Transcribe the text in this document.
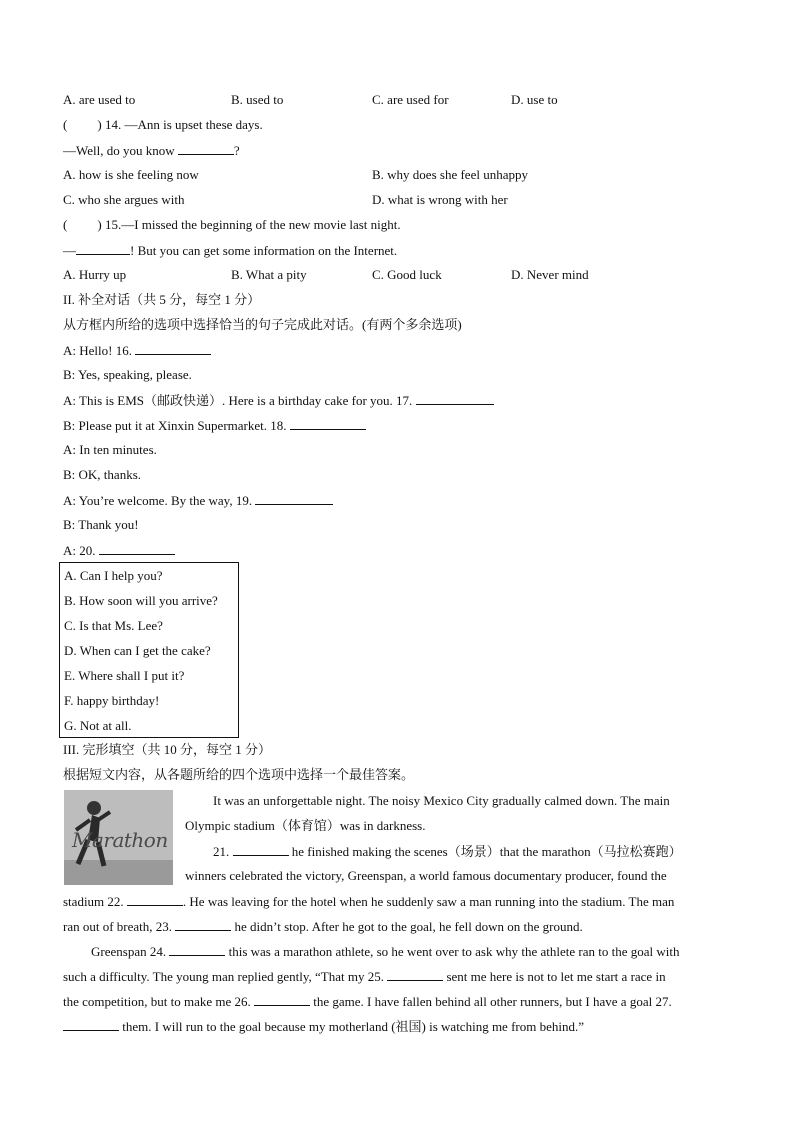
A. are used to	B. used to	C. are used for	D. use to
( ) 14. —Ann is upset these days.
—Well, do you know	?
A. how is she feeling now	B. why does she feel unhappy
C. who she argues with	D. what is wrong with her
( ) 15.—I missed the beginning of the new movie last night.
—	! But you can get some information on the Internet.
A. Hurry up	B. What a pity	C. Good luck	D. Never mind
II. 补全对话（共 5 分，每空 1 分）
从方框内所给的选项中选择恰当的句子完成此对话。(有两个多余选项)
A: Hello! 16.
B: Yes, speaking, please.
A: This is EMS（邮政快递）. Here is a birthday cake for you. 17.
B: Please put it at Xinxin Supermarket. 18.
A: In ten minutes.
B: OK, thanks.
A: You’re welcome. By the way, 19.
B: Thank you!
A: 20.
A. Can I help you?
B. How soon will you arrive?
C. Is that Ms. Lee?
D. When can I get the cake?
E. Where shall I put it?
F. happy birthday!
G. Not at all.
III. 完形填空（共 10 分，每空 1 分）
根据短文内容，从各题所给的四个选项中选择一个最佳答案。
Marathon
It was an unforgettable night. The noisy Mexico City gradually calmed down. The main
Olympic stadium（体育馆）was in darkness.
21.	he finished making the scenes（场景）that the marathon（马拉松赛跑）
winners celebrated the victory, Greenspan, a world famous documentary producer, found the
stadium 22.	. He was leaving for the hotel when he suddenly saw a man running into the stadium. The man
ran out of breath, 23.	he didn’t stop. After he got to the goal, he fell down on the ground.
Greenspan 24.	this was a marathon athlete, so he went over to ask why the athlete ran to the goal with
such a difficulty. The young man replied gently, “That my 25.	sent me here is not to let me start a race in
the competition, but to make me 26.	the game. I have fallen behind all other runners, but I have a goal 27.
them. I will run to the goal because my motherland (祖国) is watching me from behind.”
